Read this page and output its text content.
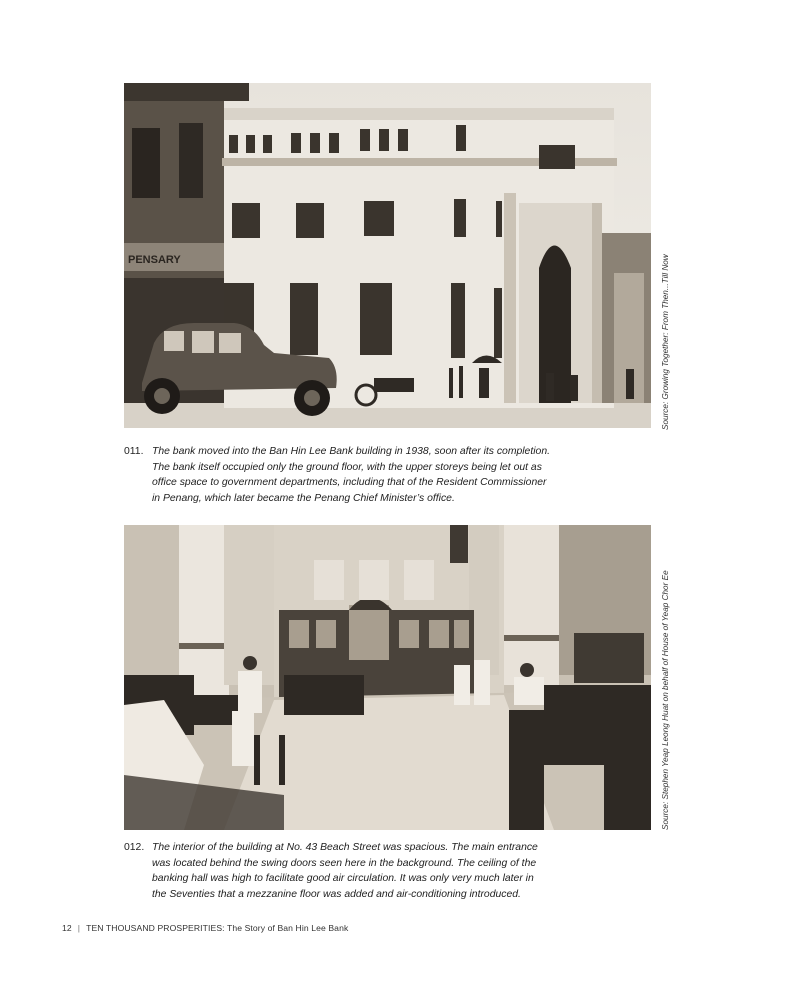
PENSARY	Source: Growing Together: From Then...Till Now
011. The bank moved into the Ban Hin Lee Bank building in 1938, soon after its completion.
The bank itself occupied only the ground floor, with the upper storeys being let out as
office space to government departments, including that of the Resident Commissioner
in Penang, which later became the Penang Chief Minister’s office.
Source: Stephen Yeap Leong Huat on behalf of House of Yeap Chor Ee
012. The interior of the building at No. 43 Beach Street was spacious. The main entrance
was located behind the swing doors seen here in the background. The ceiling of the
banking hall was high to facilitate good air circulation. It was only very much later in
the Seventies that a mezzanine floor was added and air-conditioning introduced.
12 | TEN THOUSAND PROSPERITIES: The Story of Ban Hin Lee Bank
